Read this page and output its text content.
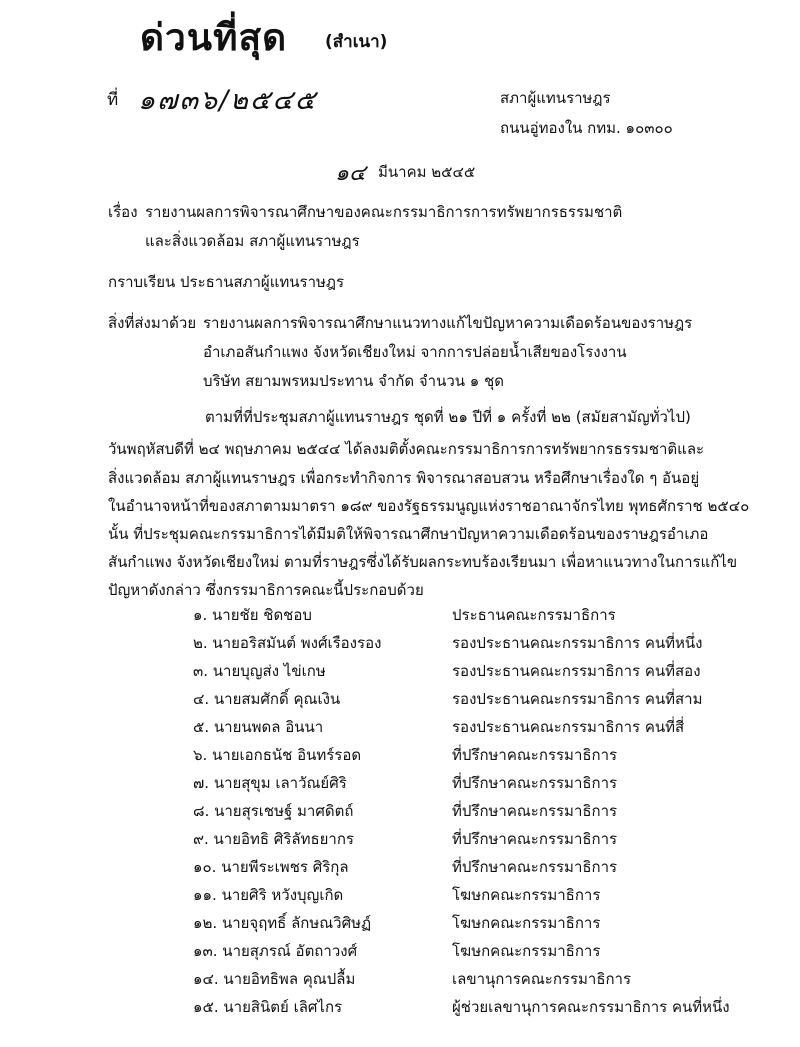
ด่วนที่สุด (สำเนา)
ที่ ๑๗๓๖/๒๕๔๕	สภาผู้แทนราษฎร
ถนนอู่ทองใน กทม. ๑๐๓๐๐
๑๔ มีนาคม ๒๕๔๕
เรื่อง รายงานผลการพิจารณาศึกษาของคณะกรรมาธิการการทรัพยากรธรรมชาติ
และสิ่งแวดล้อม สภาผู้แทนราษฎร
กราบเรียน ประธานสภาผู้แทนราษฎร
สิ่งที่ส่งมาด้วย รายงานผลการพิจารณาศึกษาแนวทางแก้ไขปัญหาความเดือดร้อนของราษฎร
อำเภอสันกำแพง จังหวัดเชียงใหม่ จากการปล่อยน้ำเสียของโรงงาน
บริษัท สยามพรหมประทาน จำกัด จำนวน ๑ ชุด
ตามที่ที่ประชุมสภาผู้แทนราษฎร ชุดที่ ๒๑ ปีที่ ๑ ครั้งที่ ๒๒ (สมัยสามัญทั่วไป)
วันพฤหัสบดีที่ ๒๔ พฤษภาคม ๒๕๔๔ ได้ลงมติตั้งคณะกรรมาธิการการทรัพยากรธรรมชาติและ
สิ่งแวดล้อม สภาผู้แทนราษฎร เพื่อกระทำกิจการ พิจารณาสอบสวน หรือศึกษาเรื่องใด ๆ อันอยู่
ในอำนาจหน้าที่ของสภาตามมาตรา ๑๘๙ ของรัฐธรรมนูญแห่งราชอาณาจักรไทย พุทธศักราช ๒๕๔๐
นั้น ที่ประชุมคณะกรรมาธิการได้มีมติให้พิจารณาศึกษาปัญหาความเดือดร้อนของราษฎรอำเภอ
สันกำแพง จังหวัดเชียงใหม่ ตามที่ราษฎรซึ่งได้รับผลกระทบร้องเรียนมา เพื่อหาแนวทางในการแก้ไข
ปัญหาดังกล่าว ซึ่งกรรมาธิการคณะนี้ประกอบด้วย
๑. นายชัย ชิดชอบ	ประธานคณะกรรมาธิการ
๒. นายอริสมันต์ พงศ์เรืองรอง	รองประธานคณะกรรมาธิการ คนที่หนึ่ง
๓. นายบุญส่ง ไข่เกษ	รองประธานคณะกรรมาธิการ คนที่สอง
๔. นายสมศักดิ์ คุณเงิน	รองประธานคณะกรรมาธิการ คนที่สาม
๕. นายนพดล อินนา	รองประธานคณะกรรมาธิการ คนที่สี่
๖. นายเอกธนัช อินทร์รอด	ที่ปรึกษาคณะกรรมาธิการ
๗. นายสุขุม เลาวัณย์ศิริ	ที่ปรึกษาคณะกรรมาธิการ
๘. นายสุรเชษฐ์ มาศดิตถ์	ที่ปรึกษาคณะกรรมาธิการ
๙. นายอิทธิ ศิริลัทธยากร	ที่ปรึกษาคณะกรรมาธิการ
๑๐. นายพีระเพชร ศิริกุล	ที่ปรึกษาคณะกรรมาธิการ
๑๑. นายศิริ หวังบุญเกิด	โฆษกคณะกรรมาธิการ
๑๒. นายจุฤทธิ์ ลักษณวิศิษฏ์	โฆษกคณะกรรมาธิการ
๑๓. นายสุภรณ์ อัตถาวงศ์	โฆษกคณะกรรมาธิการ
๑๔. นายอิทธิพล คุณปลื้ม	เลขานุการคณะกรรมาธิการ
๑๕. นายสินิตย์ เลิศไกร	ผู้ช่วยเลขานุการคณะกรรมาธิการ คนที่หนึ่ง
